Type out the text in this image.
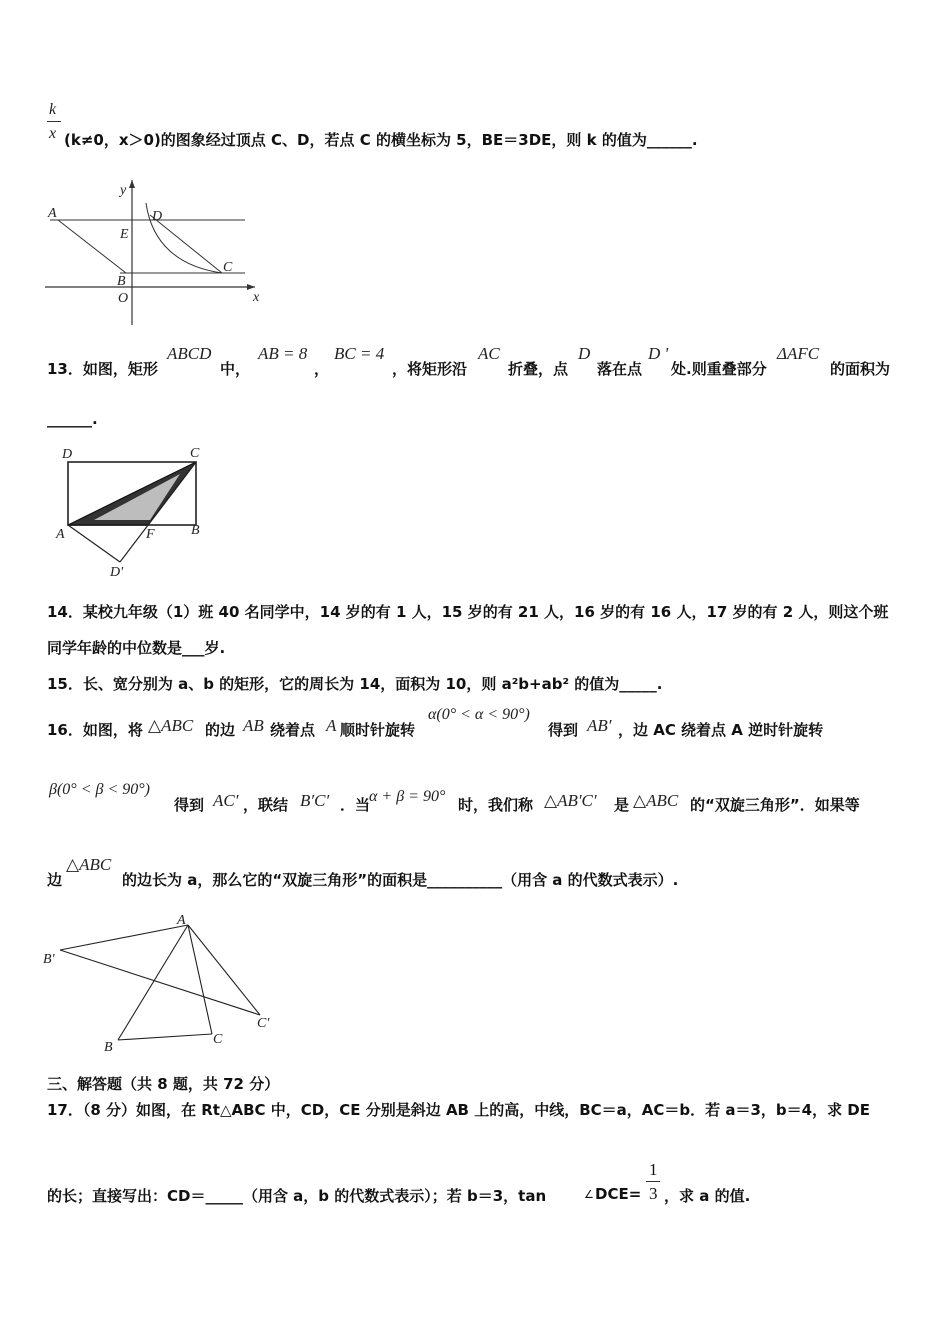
k
x (k≠0，x＞0)的图象经过顶点 C、D，若点 C 的横坐标为 5，BE＝3DE，则 k 的值为______.
y
x
A	D
E
C
B
O
13．如图，矩形
ABCD
中，
AB = 8
，
BC = 4
，将矩形沿
AC
折叠，点
D
落在点
D '
处.则重叠部分
ΔAFC
的面积为
______.
D	C
A	F	B
D'
14．某校九年级（1）班 40 名同学中，14 岁的有 1 人，15 岁的有 21 人，16 岁的有 16 人，17 岁的有 2 人，则这个班
同学年龄的中位数是___岁.
15．长、宽分别为 a、b 的矩形，它的周长为 14，面积为 10，则 a²b+ab² 的值为_____.
16．如图，将 △ABC 的边 AB 绕着点 A 顺时针旋转
α(0° < α < 90°)
得到 AB′ ，边 AC 绕着点 A 逆时针旋转
β(0° < β < 90°)
得到 AC′ ，联结 B′C′ ．当
α + β = 90° 时，我们称 △AB′C′ 是 △ABC 的“双旋三角形”．如果等
边
△ABC
的边长为 a，那么它的“双旋三角形”的面积是__________（用含 a 的代数式表示）.
A
B'
C'
B
C
三、解答题（共 8 题，共 72 分）
17．（8 分）如图，在 Rt△ABC 中，CD，CE 分别是斜边 AB 上的高，中线，BC＝a，AC＝b．若 a＝3，b＝4，求 DE
的长；直接写出：CD＝_____（用含 a，b 的代数式表示）；若 b＝3，tan	∠ DCE=
1
3 ，求 a 的值.
